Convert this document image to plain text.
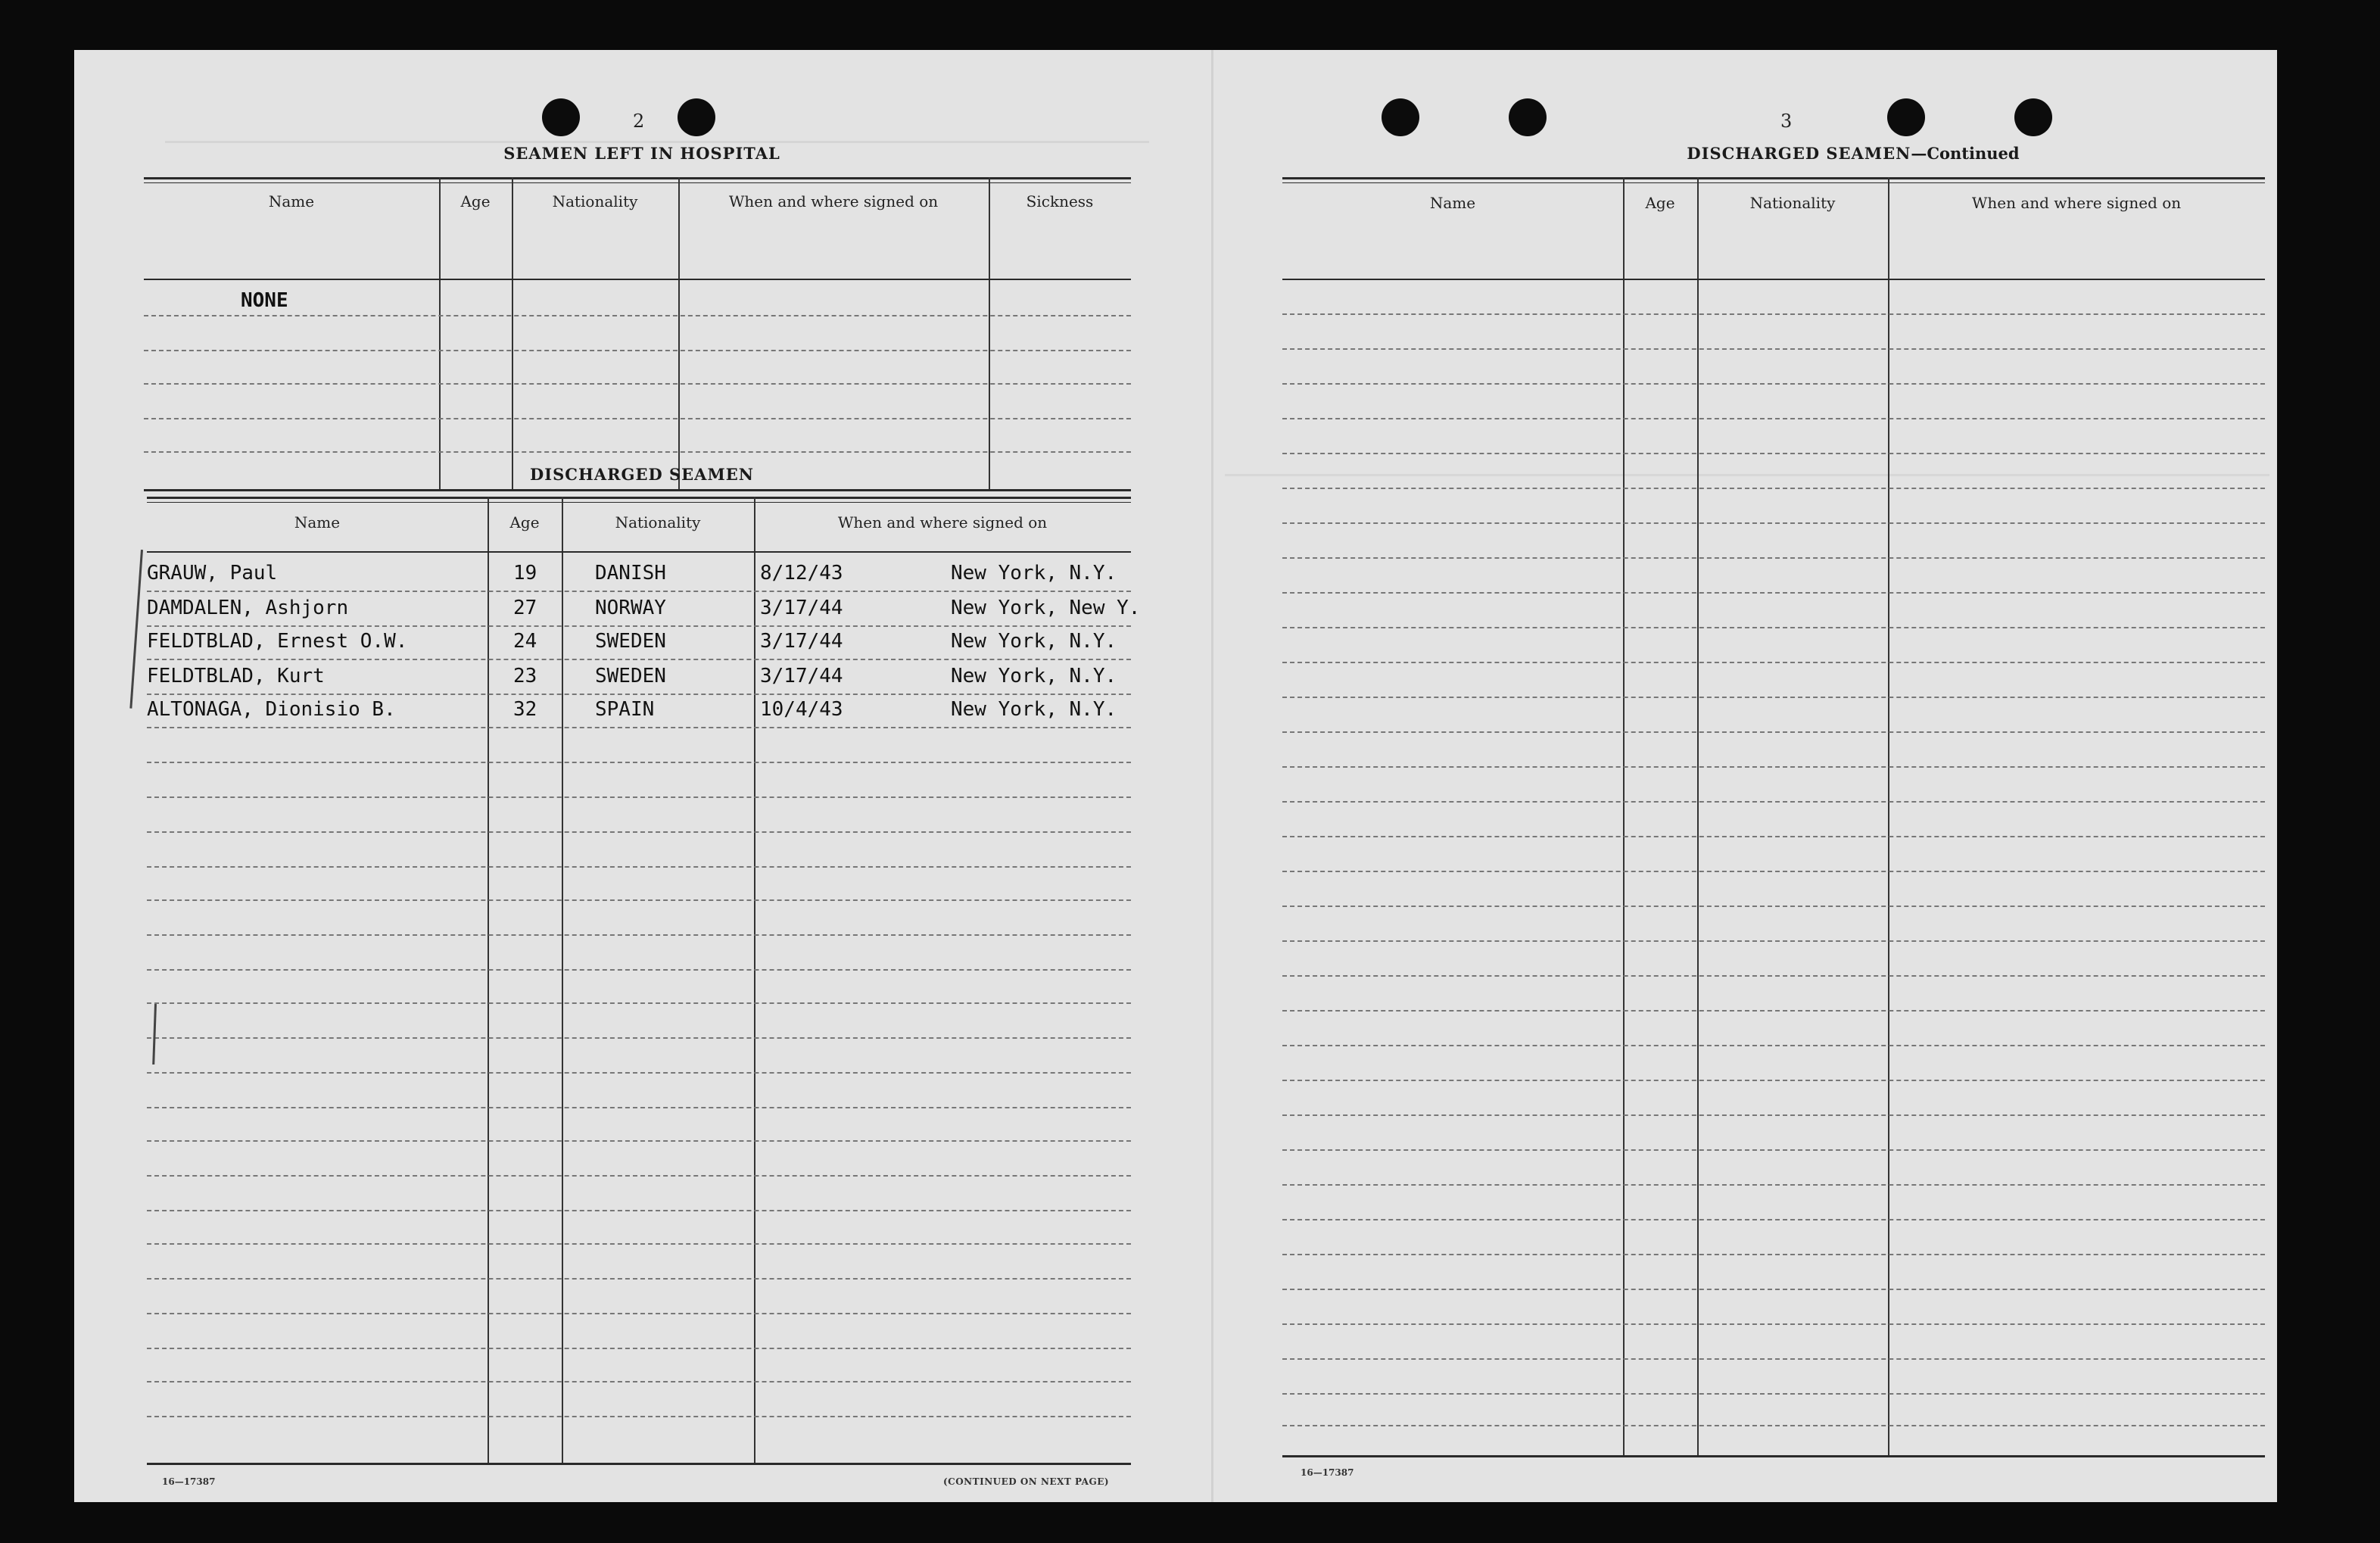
2
SEAMEN LEFT IN HOSPITAL
Name	Age	Nationality	When and where signed on	Sickness
NONE
DISCHARGED SEAMEN
Name	Age	Nationality	When and where signed on
GRAUW, Paul	19	DANISH	8/12/43	New York, N.Y.
DAMDALEN, Ashjorn	27	NORWAY	3/17/44	New York, New Y.
FELDTBLAD, Ernest O.W.	24	SWEDEN	3/17/44	New York, N.Y.
FELDTBLAD, Kurt	23	SWEDEN	3/17/44	New York, N.Y.
ALTONAGA, Dionisio B.	32	SPAIN	10/4/43	New York, N.Y.
16—17387	(CONTINUED ON NEXT PAGE)
3
DISCHARGED SEAMEN—Continued
Name	Age	Nationality	When and where signed on
16—17387
